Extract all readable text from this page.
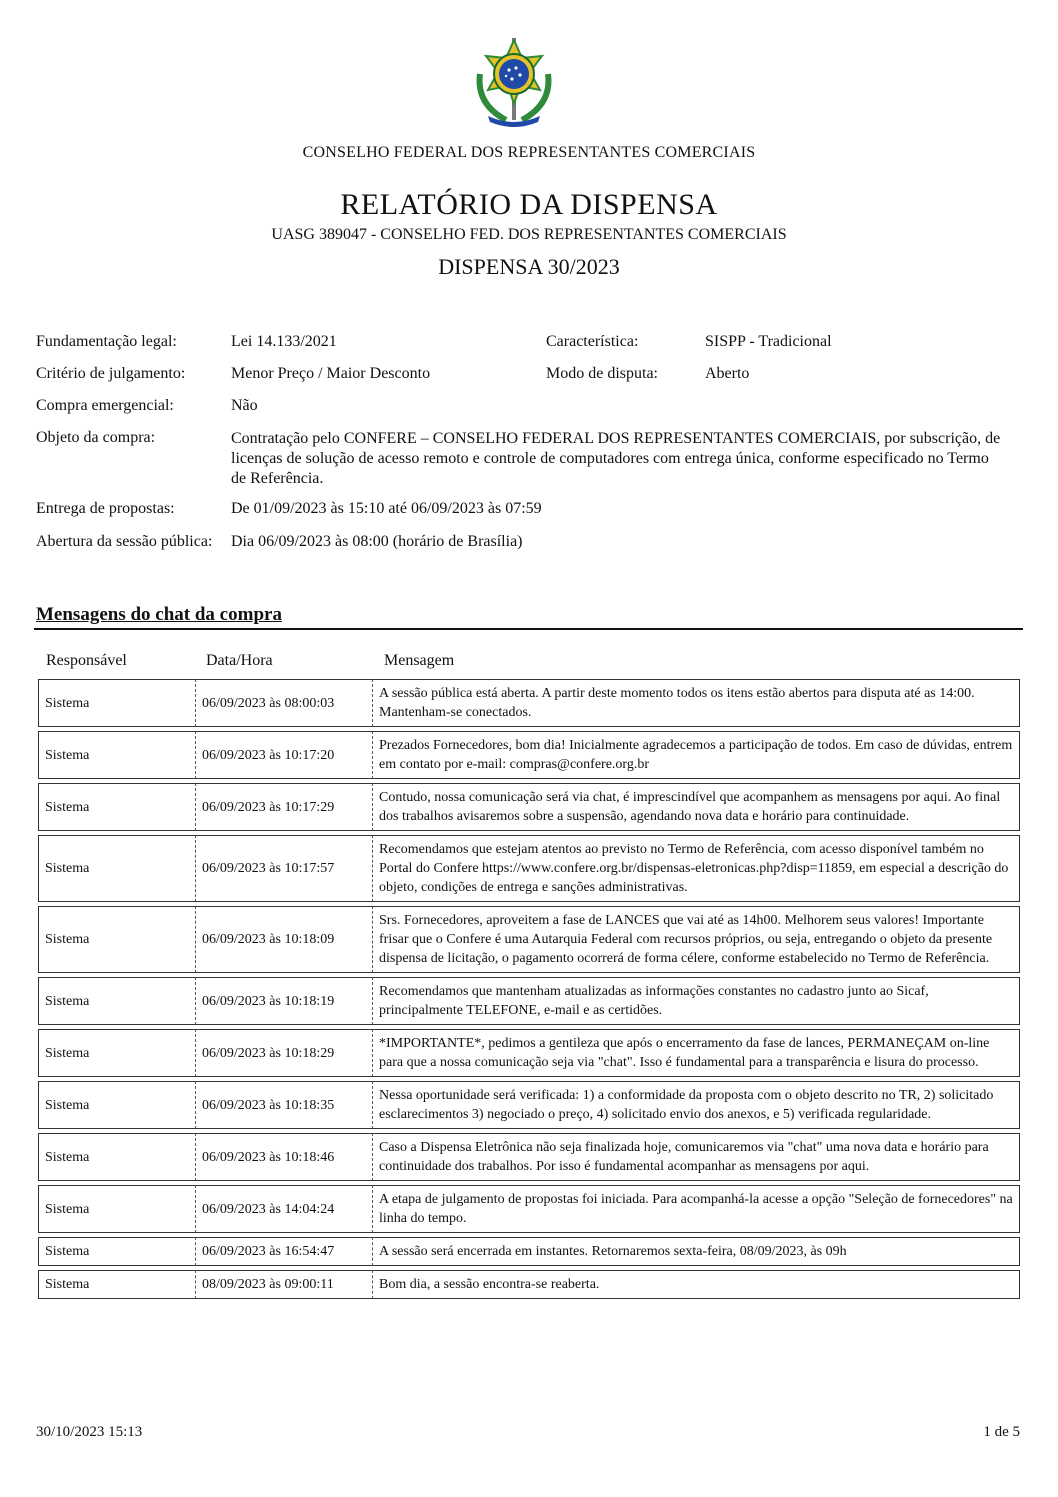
CONSELHO FEDERAL DOS REPRESENTANTES COMERCIAIS
RELATÓRIO DA DISPENSA
UASG 389047 - CONSELHO FED. DOS REPRESENTANTES COMERCIAIS
DISPENSA 30/2023
Fundamentação legal:	Lei 14.133/2021	Característica:	SISPP - Tradicional
Critério de julgamento:	Menor Preço / Maior Desconto	Modo de disputa:	Aberto
Compra emergencial:	Não
Objeto da compra:	Contratação pelo CONFERE – CONSELHO FEDERAL DOS REPRESENTANTES COMERCIAIS, por subscrição, de licenças de solução de acesso remoto e controle de computadores com entrega única, conforme especificado no Termo de Referência.
Entrega de propostas:	De 01/09/2023 às 15:10 até 06/09/2023 às 07:59
Abertura da sessão pública: Dia 06/09/2023 às 08:00 (horário de Brasília)
Mensagens do chat da compra
Responsável	Data/Hora	Mensagem
Sistema	06/09/2023 às 08:00:03	A sessão pública está aberta. A partir deste momento todos os itens estão abertos para disputa até as 14:00. Mantenham-se conectados.
Sistema	06/09/2023 às 10:17:20	Prezados Fornecedores, bom dia! Inicialmente agradecemos a participação de todos. Em caso de dúvidas, entrem em contato por e-mail: compras@confere.org.br
Sistema	06/09/2023 às 10:17:29	Contudo, nossa comunicação será via chat, é imprescindível que acompanhem as mensagens por aqui. Ao final dos trabalhos avisaremos sobre a suspensão, agendando nova data e horário para continuidade.
Sistema	06/09/2023 às 10:17:57	Recomendamos que estejam atentos ao previsto no Termo de Referência, com acesso disponível também no Portal do Confere https://www.confere.org.br/dispensas-eletronicas.php?disp=11859, em especial a descrição do objeto, condições de entrega e sanções administrativas.
Sistema	06/09/2023 às 10:18:09	Srs. Fornecedores, aproveitem a fase de LANCES que vai até as 14h00. Melhorem seus valores! Importante frisar que o Confere é uma Autarquia Federal com recursos próprios, ou seja, entregando o objeto da presente dispensa de licitação, o pagamento ocorrerá de forma célere, conforme estabelecido no Termo de Referência.
Sistema	06/09/2023 às 10:18:19	Recomendamos que mantenham atualizadas as informações constantes no cadastro junto ao Sicaf, principalmente TELEFONE, e-mail e as certidões.
Sistema	06/09/2023 às 10:18:29	*IMPORTANTE*, pedimos a gentileza que após o encerramento da fase de lances, PERMANEÇAM on-line para que a nossa comunicação seja via "chat". Isso é fundamental para a transparência e lisura do processo.
Sistema	06/09/2023 às 10:18:35	Nessa oportunidade será verificada: 1) a conformidade da proposta com o objeto descrito no TR, 2) solicitado esclarecimentos 3) negociado o preço, 4) solicitado envio dos anexos, e 5) verificada regularidade.
Sistema	06/09/2023 às 10:18:46	Caso a Dispensa Eletrônica não seja finalizada hoje, comunicaremos via "chat" uma nova data e horário para continuidade dos trabalhos. Por isso é fundamental acompanhar as mensagens por aqui.
Sistema	06/09/2023 às 14:04:24	A etapa de julgamento de propostas foi iniciada. Para acompanhá-la acesse a opção "Seleção de fornecedores" na linha do tempo.
Sistema	06/09/2023 às 16:54:47	A sessão será encerrada em instantes. Retornaremos sexta-feira, 08/09/2023, às 09h
Sistema	08/09/2023 às 09:00:11	Bom dia, a sessão encontra-se reaberta.
30/10/2023 15:13	1 de 5
